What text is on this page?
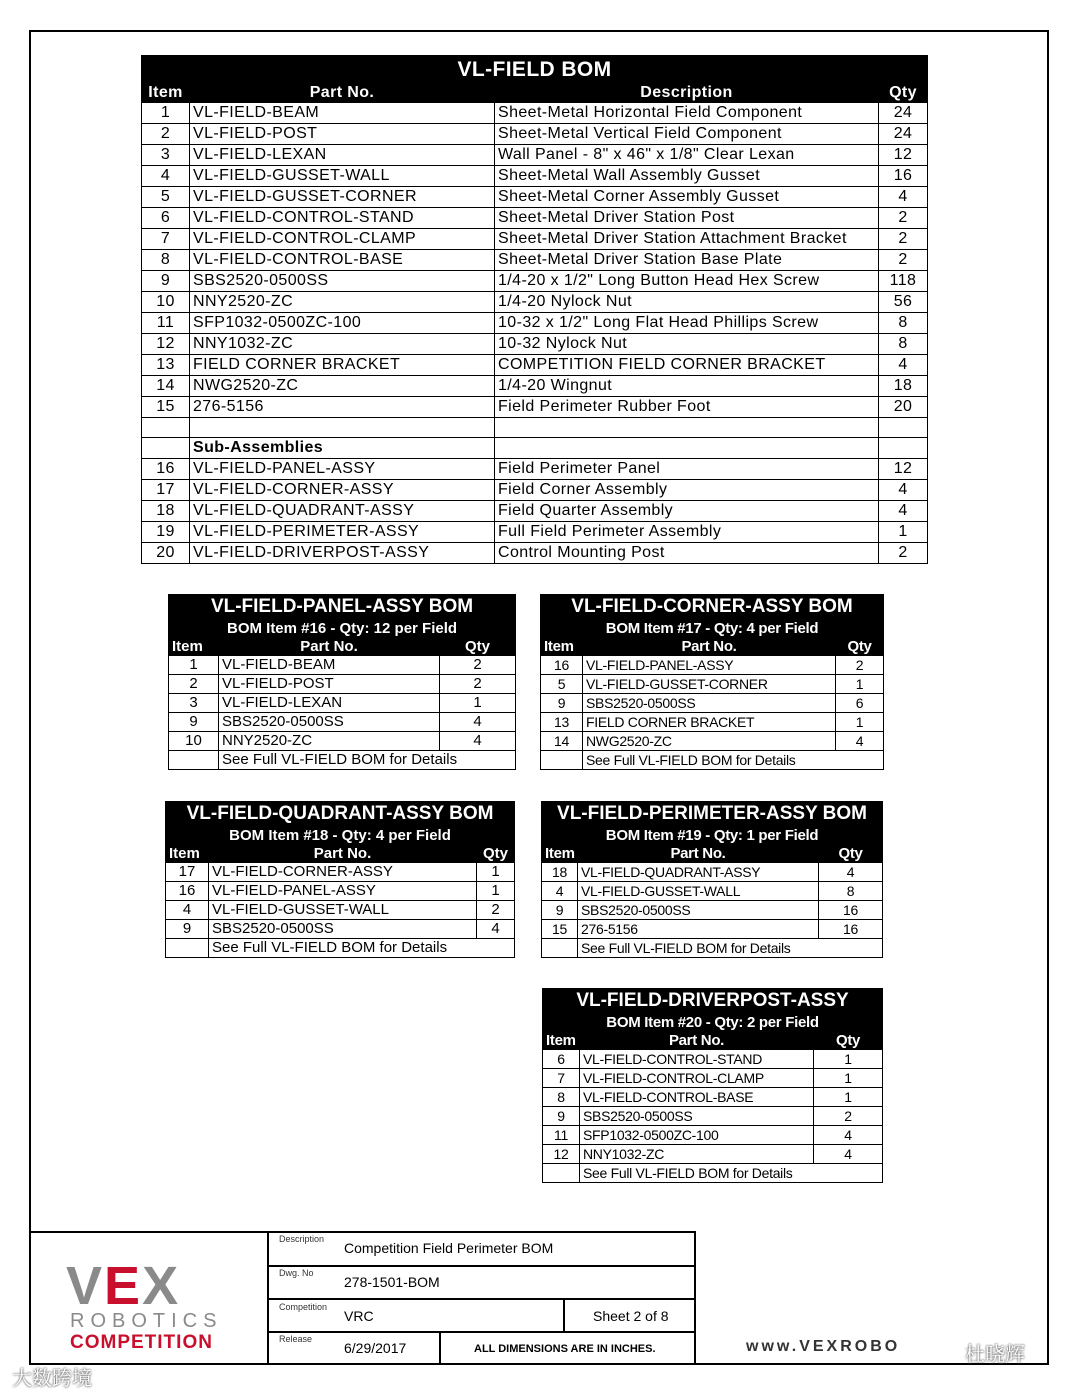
VL-FIELD BOM			
Item	Part No.	Description	Qty
1	VL-FIELD-BEAM	Sheet-Metal Horizontal Field Component	24
2	VL-FIELD-POST	Sheet-Metal Vertical Field Component	24
3	VL-FIELD-LEXAN	Wall Panel - 8" x 46" x 1/8" Clear Lexan	12
4	VL-FIELD-GUSSET-WALL	Sheet-Metal Wall Assembly Gusset	16
5	VL-FIELD-GUSSET-CORNER	Sheet-Metal Corner Assembly Gusset	4
6	VL-FIELD-CONTROL-STAND	Sheet-Metal Driver Station Post	2
7	VL-FIELD-CONTROL-CLAMP	Sheet-Metal Driver Station Attachment Bracket	2
8	VL-FIELD-CONTROL-BASE	Sheet-Metal Driver Station Base Plate	2
9	SBS2520-0500SS	1/4-20 x 1/2" Long Button Head Hex Screw	118
10	NNY2520-ZC	1/4-20 Nylock Nut	56
11	SFP1032-0500ZC-100	10-32 x 1/2" Long Flat Head Phillips Screw	8
12	NNY1032-ZC	10-32 Nylock Nut	8
13	FIELD CORNER BRACKET	COMPETITION FIELD CORNER BRACKET	4
14	NWG2520-ZC	1/4-20 Wingnut	18
15	276-5156	Field Perimeter Rubber Foot	20

	Sub-Assemblies		
16	VL-FIELD-PANEL-ASSY	Field Perimeter Panel	12
17	VL-FIELD-CORNER-ASSY	Field Corner Assembly	4
18	VL-FIELD-QUADRANT-ASSY	Field Quarter Assembly	4
19	VL-FIELD-PERIMETER-ASSY	Full Field Perimeter Assembly	1
20	VL-FIELD-DRIVERPOST-ASSY	Control Mounting Post	2
VL-FIELD-PANEL-ASSY BOM		
BOM Item #16 - Qty: 12 per Field		
Item	Part No.	Qty
1	VL-FIELD-BEAM	2
2	VL-FIELD-POST	2
3	VL-FIELD-LEXAN	1
9	SBS2520-0500SS	4
10	NNY2520-ZC	4
	See Full VL-FIELD BOM for Details	
VL-FIELD-CORNER-ASSY BOM		
BOM Item #17 - Qty: 4 per Field		
Item	Part No.	Qty
16	VL-FIELD-PANEL-ASSY	2
5	VL-FIELD-GUSSET-CORNER	1
9	SBS2520-0500SS	6
13	FIELD CORNER BRACKET	1
14	NWG2520-ZC	4
	See Full VL-FIELD BOM for Details	
VL-FIELD-QUADRANT-ASSY BOM		
BOM Item #18 - Qty: 4 per Field		
Item	Part No.	Qty
17	VL-FIELD-CORNER-ASSY	1
16	VL-FIELD-PANEL-ASSY	1
4	VL-FIELD-GUSSET-WALL	2
9	SBS2520-0500SS	4
	See Full VL-FIELD BOM for Details	
VL-FIELD-PERIMETER-ASSY BOM		
BOM Item #19 - Qty: 1 per Field		
Item	Part No.	Qty
18	VL-FIELD-QUADRANT-ASSY	4
4	VL-FIELD-GUSSET-WALL	8
9	SBS2520-0500SS	16
15	276-5156	16
	See Full VL-FIELD BOM for Details	
VL-FIELD-DRIVERPOST-ASSY		
BOM Item #20 - Qty: 2 per Field		
Item	Part No.	Qty
6	VL-FIELD-CONTROL-STAND	1
7	VL-FIELD-CONTROL-CLAMP	1
8	VL-FIELD-CONTROL-BASE	1
9	SBS2520-0500SS	2
11	SFP1032-0500ZC-100	4
12	NNY1032-ZC	4
	See Full VL-FIELD BOM for Details	
Description
Competition Field Perimeter BOM
Dwg. No
278-1501-BOM
Competition
VRC	Sheet 2 of 8
Release
6/29/2017	ALL DIMENSIONS ARE IN INCHES.
VEX
ROBOTICS
COMPETITION	www.VEXROBO
大数跨境
杜晓辉
